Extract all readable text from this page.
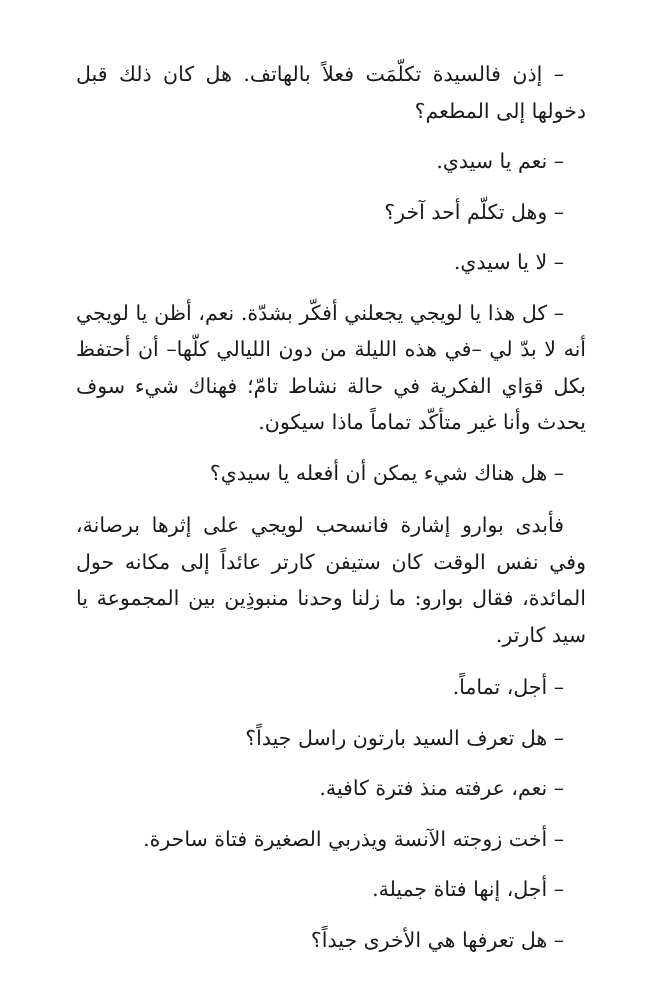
– إذن فالسيدة تكلّمَت فعلاً بالهاتف. هل كان ذلك قبل دخولها إلى المطعم؟

– نعم يا سيدي.

– وهل تكلّم أحد آخر؟

– لا يا سيدي.

– كل هذا يا لويجي يجعلني أفكّر بشدّة. نعم، أظن يا لويجي أنه لا بدّ لي –في هذه الليلة من دون الليالي كلّها– أن أحتفظ بكل قوَاي الفكرية في حالة نشاط تامّ؛ فهناك شيء سوف يحدث وأنا غير متأكّد تماماً ماذا سيكون.

– هل هناك شيء يمكن أن أفعله يا سيدي؟

فأبدى بوارو إشارة فانسحب لويجي على إثرها برصانة، وفي نفس الوقت كان ستيفن كارتر عائداً إلى مكانه حول المائدة، فقال بوارو: ما زلنا وحدنا منبوذِين بين المجموعة يا سيد كارتر.

– أجل، تماماً.

– هل تعرف السيد بارتون راسل جيداً؟

– نعم، عرفته منذ فترة كافية.

– أخت زوجته الآنسة ويذربي الصغيرة فتاة ساحرة.

– أجل، إنها فتاة جميلة.

– هل تعرفها هي الأخرى جيداً؟
